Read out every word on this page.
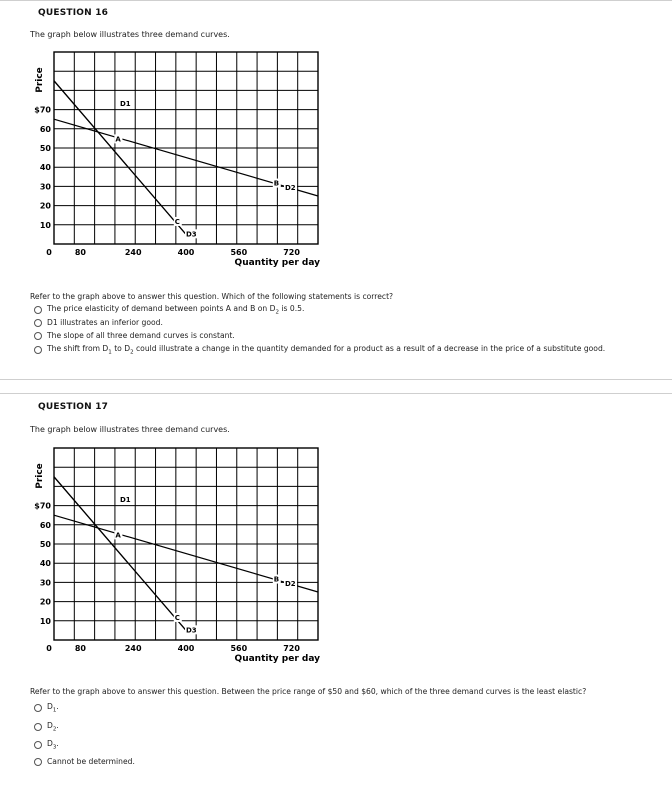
QUESTION 16
The graph below illustrates three demand curves.
$70
60
50
40
30
20
10
0	80	240	400	560	720
Price
Quantity per day
D1
D2
D3
A
B
C
Refer to the graph above to answer this question. Which of the following statements is correct?
The price elasticity of demand between points A and B on $D_2$ is 0.5.
D1 illustrates an inferior good.
The slope of all three demand curves is constant.
The shift from $D_1$ to $D_2$ could illustrate a change in the quantity demanded for a product as a result of a decrease in the price of a substitute good.
QUESTION 17
The graph below illustrates three demand curves.
$70
60
50
40
30
20
10
0	80	240	400	560	720
Price
Quantity per day
D1
D2
D3
A
B
C
Refer to the graph above to answer this question. Between the price range of $50 and $60, which of the three demand curves is the least elastic?
$D_1$.
$D_2$.
$D_3$.
Cannot be determined.
